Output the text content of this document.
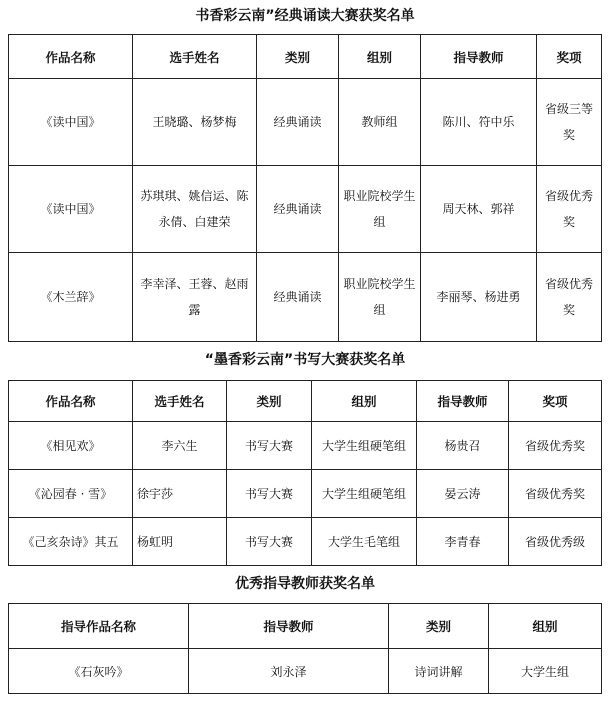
书香彩云南”经典诵读大赛获奖名单
作品名称	选手姓名	类别	组别	指导教师	奖项
《读中国》	王晓璐、杨梦梅	经典诵读	教师组	陈川、符中乐	省级三等奖
《读中国》	苏琪琪、姚信运、陈永倩、白建荣	经典诵读	职业院校学生组	周天林、郭祥	省级优秀奖
《木兰辞》	李幸泽、王蓉、赵雨露	经典诵读	职业院校学生组	李丽琴、杨进勇	省级优秀奖
“墨香彩云南”书写大赛获奖名单
作品名称	选手姓名	类别	组别	指导教师	奖项
《相见欢》	李六生	书写大赛	大学生组硬笔组	杨贵召	省级优秀奖
《沁园春 · 雪》	徐宇莎	书写大赛	大学生组硬笔组	晏云涛	省级优秀奖
《己亥杂诗》其五	杨虹明	书写大赛	大学生毛笔组	李青春	省级优秀级
优秀指导教师获奖名单
指导作品名称	指导教师	类别	组别
《石灰吟》	刘永泽	诗词讲解	大学生组
